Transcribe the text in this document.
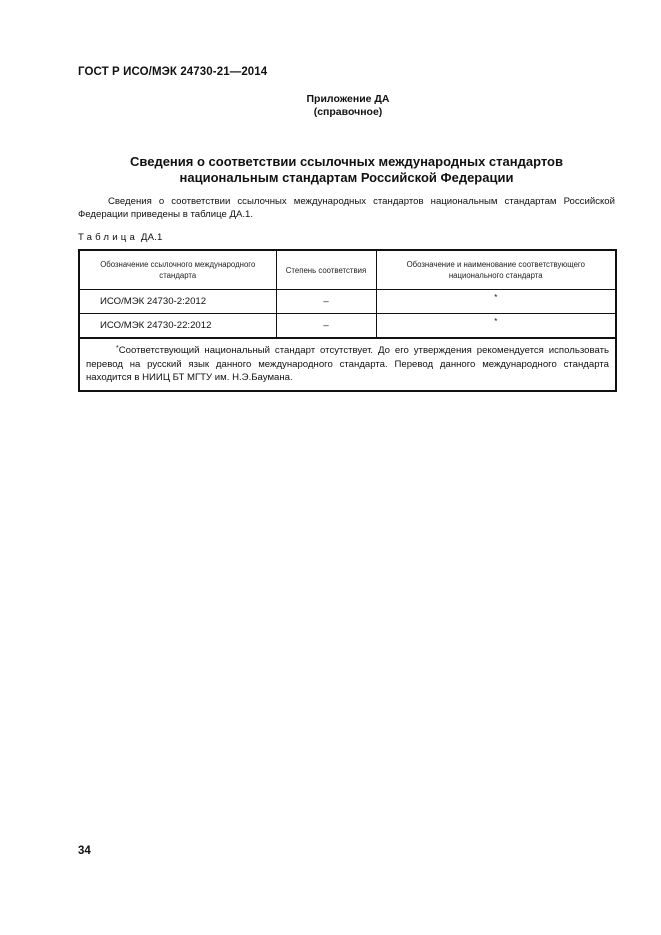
ГОСТ Р ИСО/МЭК 24730-21—2014
Приложение ДА
(справочное)
Сведения о соответствии ссылочных международных стандартов
национальным стандартам Российской Федерации
Сведения о соответствии ссылочных международных стандартов национальным стандартам Российской Федерации приведены в таблице ДА.1.
Таблица ДА.1
Обозначение ссылочного международного стандарта	Степень соответствия	Обозначение и наименование соответствующего национального стандарта
ИСО/МЭК 24730-2:2012	–	*
ИСО/МЭК 24730-22:2012	–	*
*Соответствующий национальный стандарт отсутствует. До его утверждения рекомендуется использовать перевод на русский язык данного международного стандарта. Перевод данного международного стандарта находится в НИИЦ БТ МГТУ им. Н.Э.Баумана.		
34
